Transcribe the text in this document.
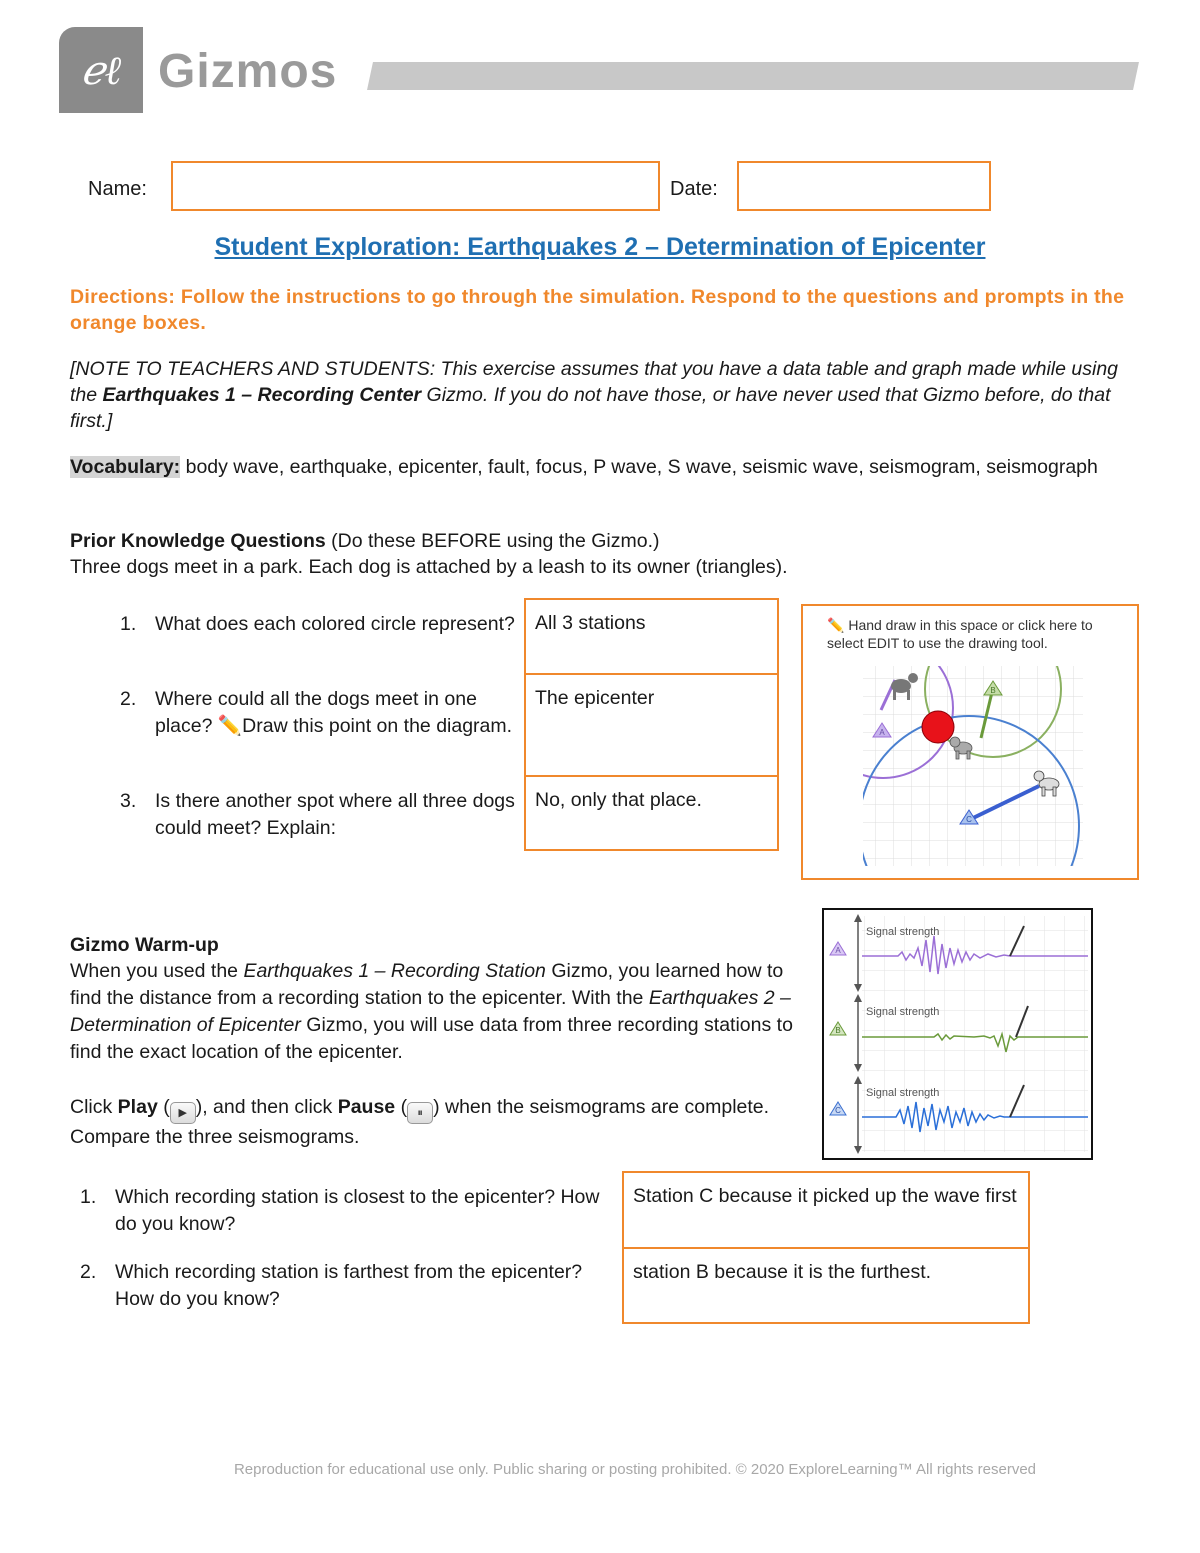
ℯℓ Gizmos
Name:	Date:
Student Exploration: Earthquakes 2 – Determination of Epicenter
Directions: Follow the instructions to go through the simulation. Respond to the questions and prompts in the orange boxes.
[NOTE TO TEACHERS AND STUDENTS: This exercise assumes that you have a data table and graph made while using the Earthquakes 1 – Recording Center Gizmo. If you do not have those, or have never used that Gizmo before, do that first.]
Vocabulary: body wave, earthquake, epicenter, fault, focus, P wave, S wave, seismic wave, seismogram, seismograph
Prior Knowledge Questions (Do these BEFORE using the Gizmo.)
Three dogs meet in a park. Each dog is attached by a leash to its owner (triangles).
1. What does each colored circle represent?	All 3 stations
2. Where could all the dogs meet in one place? ✏️Draw this point on the diagram.
The epicenter
3. Is there another spot where all three dogs could meet? Explain:
No, only that place.
✏️ Hand draw in this space or click here to select EDIT to use the drawing tool.
A
B
C
Gizmo Warm-up
When you used the Earthquakes 1 – Recording Station Gizmo, you learned how to find the distance from a recording station to the epicenter. With the Earthquakes 2 – Determination of Epicenter Gizmo, you will use data from three recording stations to find the exact location of the epicenter.
Click Play ( ▶ ), and then click Pause ( ⏸ ) when the seismograms are complete. Compare the three seismograms.
Signal strength
A
Signal strength
B
Signal strength
C
1. Which recording station is closest to the epicenter? How do you know?
Station C because it picked up the wave first
2. Which recording station is farthest from the epicenter? How do you know?
station B because it is the furthest.
Reproduction for educational use only. Public sharing or posting prohibited. © 2020 ExploreLearning™ All rights reserved
